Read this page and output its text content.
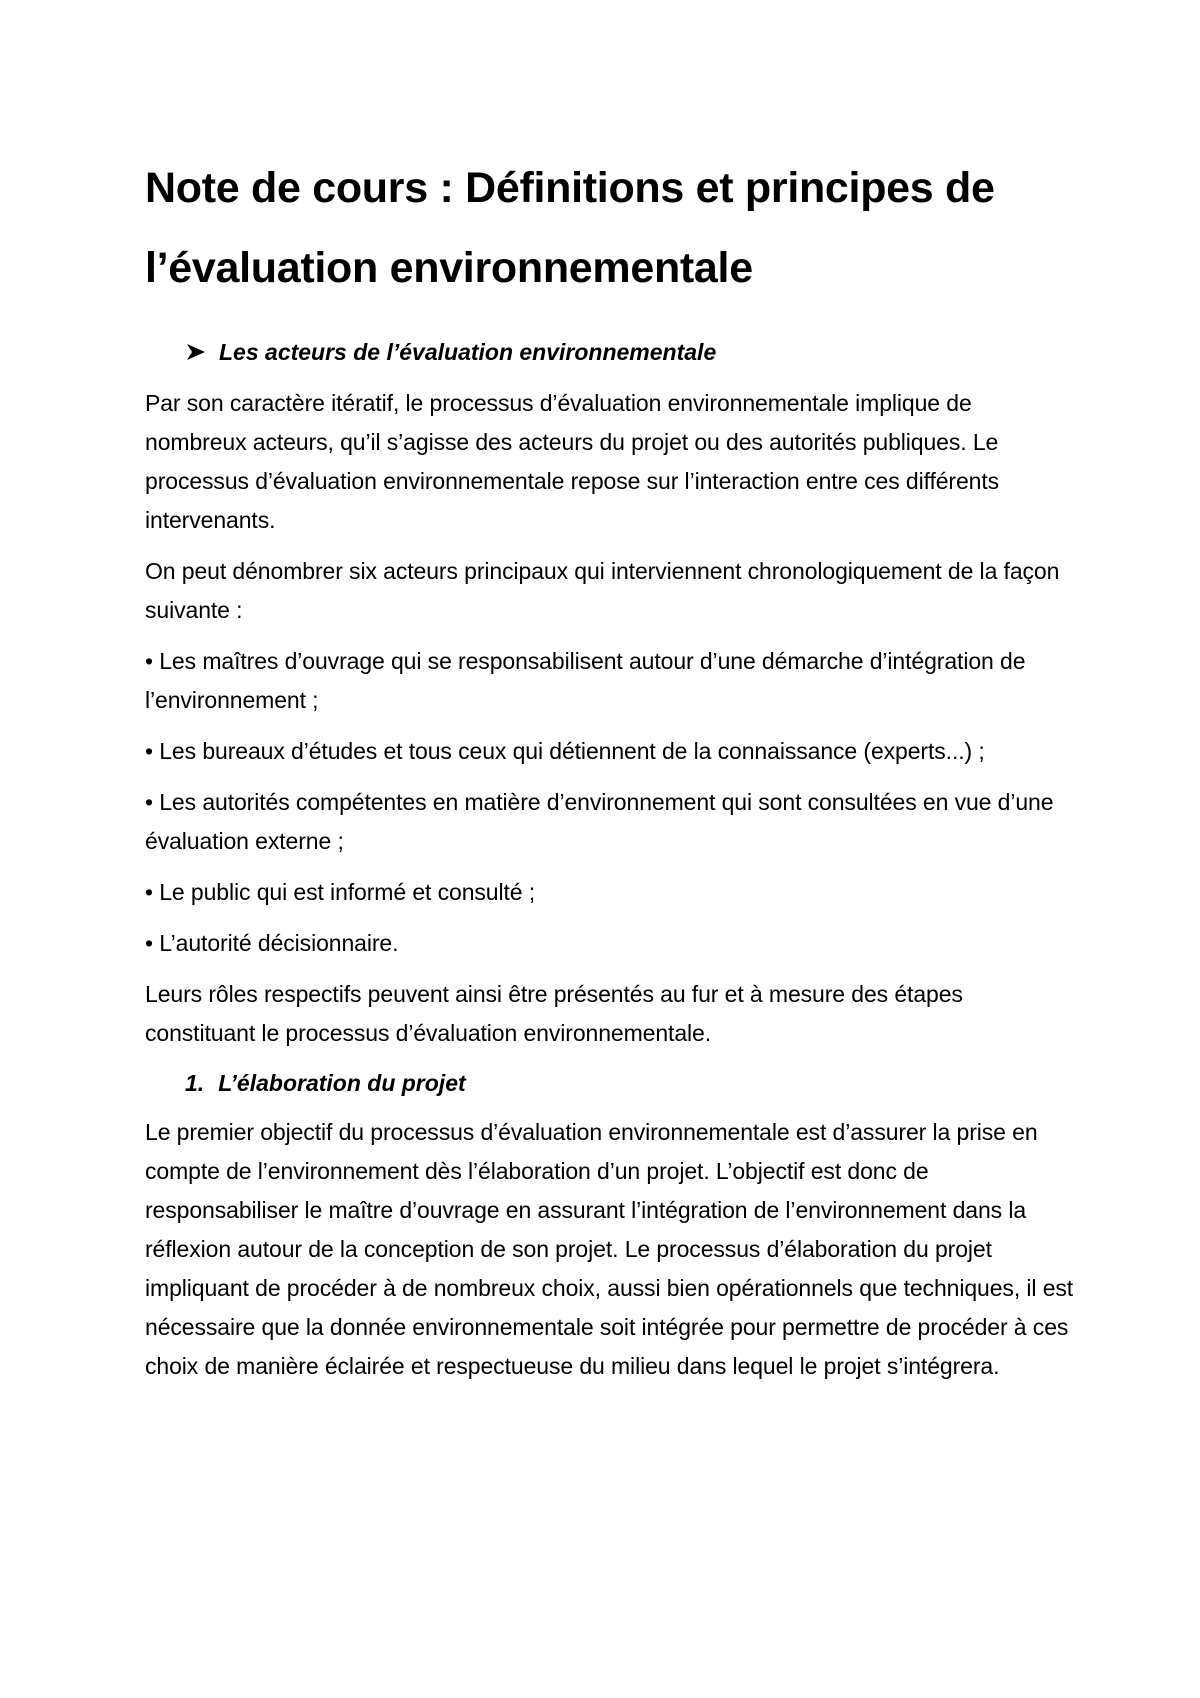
Note de cours : Définitions et principes de
l’évaluation environnementale
Les acteurs de l’évaluation environnementale

Par son caractère itératif, le processus d’évaluation environnementale implique de nombreux acteurs, qu’il s’agisse des acteurs du projet ou des autorités publiques. Le processus d’évaluation environnementale repose sur l’interaction entre ces différents intervenants.

On peut dénombrer six acteurs principaux qui interviennent chronologiquement de la façon suivante :

• Les maîtres d’ouvrage qui se responsabilisent autour d’une démarche d’intégration de l’environnement ;

• Les bureaux d’études et tous ceux qui détiennent de la connaissance (experts...) ;

• Les autorités compétentes en matière d’environnement qui sont consultées en vue d’une évaluation externe ;

• Le public qui est informé et consulté ;

• L’autorité décisionnaire.

Leurs rôles respectifs peuvent ainsi être présentés au fur et à mesure des étapes constituant le processus d’évaluation environnementale.

1. L’élaboration du projet

Le premier objectif du processus d’évaluation environnementale est d’assurer la prise en compte de l’environnement dès l’élaboration d’un projet. L’objectif est donc de responsabiliser le maître d’ouvrage en assurant l’intégration de l’environnement dans la réflexion autour de la conception de son projet. Le processus d’élaboration du projet impliquant de procéder à de nombreux choix, aussi bien opérationnels que techniques, il est nécessaire que la donnée environnementale soit intégrée pour permettre de procéder à ces choix de manière éclairée et respectueuse du milieu dans lequel le projet s’intégrera.
